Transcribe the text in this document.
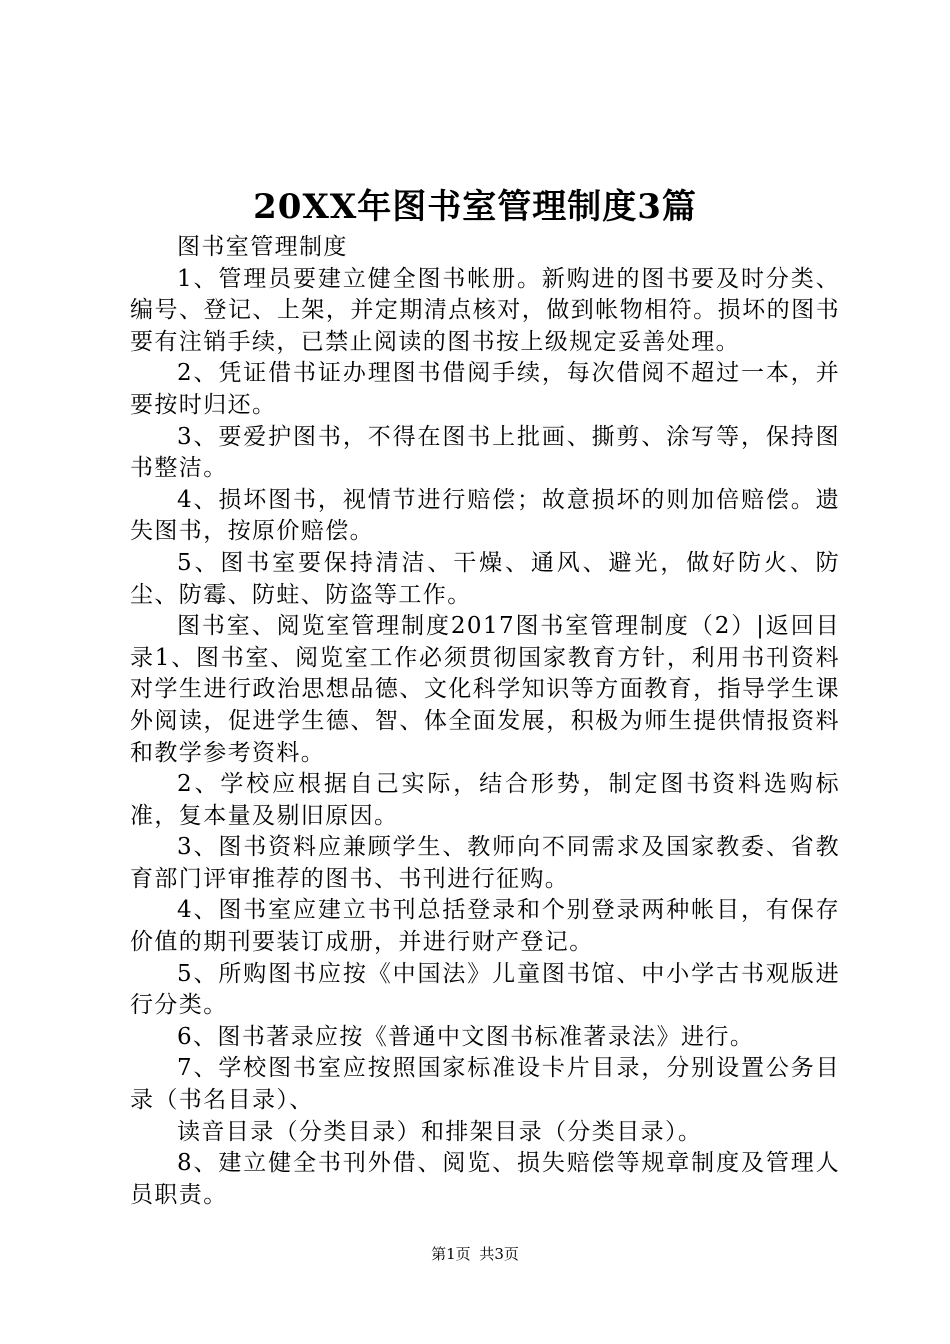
20XX年图书室管理制度3篇

图书室管理制度

1、管理员要建立健全图书帐册。新购进的图书要及时分类、编号、登记、上架，并定期清点核对，做到帐物相符。损坏的图书要有注销手续，已禁止阅读的图书按上级规定妥善处理。

2、凭证借书证办理图书借阅手续，每次借阅不超过一本，并要按时归还。

3、要爱护图书，不得在图书上批画、撕剪、涂写等，保持图书整洁。

4、损坏图书，视情节进行赔偿；故意损坏的则加倍赔偿。遗失图书，按原价赔偿。

5、图书室要保持清洁、干燥、通风、避光，做好防火、防尘、防霉、防蛀、防盗等工作。

图书室、阅览室管理制度2017图书室管理制度（2）|返回目录1、图书室、阅览室工作必须贯彻国家教育方针，利用书刊资料对学生进行政治思想品德、文化科学知识等方面教育，指导学生课外阅读，促进学生德、智、体全面发展，积极为师生提供情报资料和教学参考资料。

2、学校应根据自己实际，结合形势，制定图书资料选购标准，复本量及剔旧原因。

3、图书资料应兼顾学生、教师向不同需求及国家教委、省教育部门评审推荐的图书、书刊进行征购。

4、图书室应建立书刊总括登录和个别登录两种帐目，有保存价值的期刊要装订成册，并进行财产登记。

5、所购图书应按《中国法》儿童图书馆、中小学古书观版进行分类。

6、图书著录应按《普通中文图书标准著录法》进行。

7、学校图书室应按照国家标准设卡片目录，分别设置公务目录（书名目录）、

读音目录（分类目录）和排架目录（分类目录）。

8、建立健全书刊外借、阅览、损失赔偿等规章制度及管理人员职责。

第1页 共3页
